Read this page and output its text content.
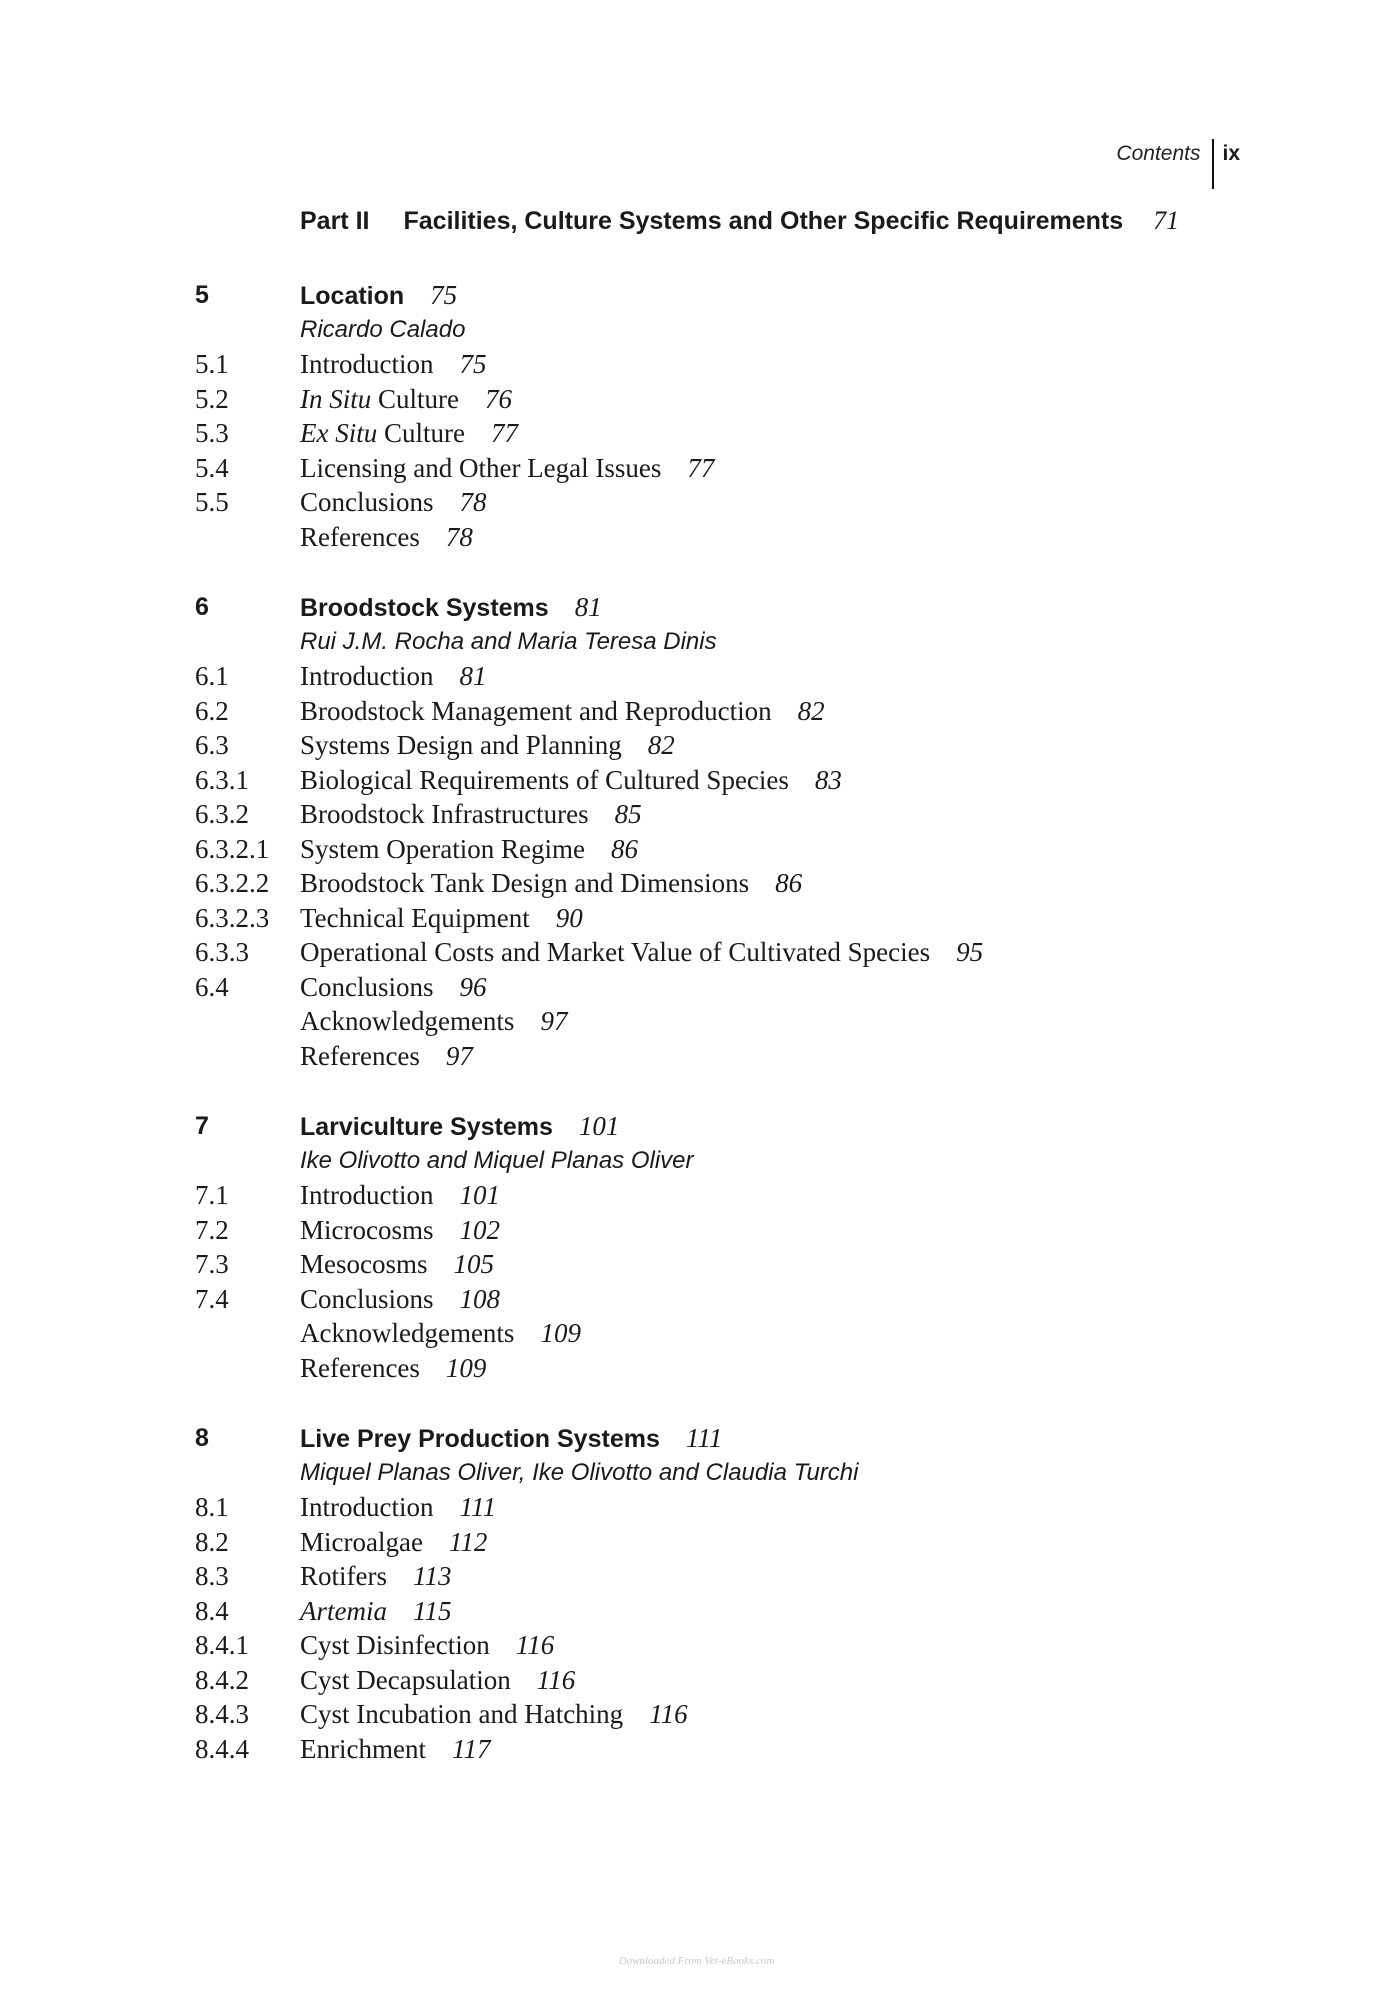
Contents	ix
Part II Facilities, Culture Systems and Other Specific Requirements 71
5	Location 75
Ricardo Calado
5.1	Introduction 75
5.2	In Situ Culture 76
5.3	Ex Situ Culture 77
5.4	Licensing and Other Legal Issues 77
5.5	Conclusions 78
References 78
6	Broodstock Systems 81
Rui J.M. Rocha and Maria Teresa Dinis
6.1	Introduction 81
6.2	Broodstock Management and Reproduction 82
6.3	Systems Design and Planning 82
6.3.1 Biological Requirements of Cultured Species 83
6.3.2 Broodstock Infrastructures 85
6.3.2.1 System Operation Regime 86
6.3.2.2 Broodstock Tank Design and Dimensions 86
6.3.2.3 Technical Equipment 90
6.3.3 Operational Costs and Market Value of Cultivated Species 95
6.4	Conclusions 96
Acknowledgements 97
References 97
7	Larviculture Systems 101
Ike Olivotto and Miquel Planas Oliver
7.1	Introduction 101
7.2	Microcosms 102
7.3	Mesocosms 105
7.4	Conclusions 108
Acknowledgements 109
References 109
8	Live Prey Production Systems 111
Miquel Planas Oliver, Ike Olivotto and Claudia Turchi
8.1	Introduction 111
8.2	Microalgae 112
8.3	Rotifers 113
8.4	Artemia 115
8.4.1 Cyst Disinfection 116
8.4.2 Cyst Decapsulation 116
8.4.3 Cyst Incubation and Hatching 116
8.4.4 Enrichment 117
Downloaded From Vet-eBooks.com
